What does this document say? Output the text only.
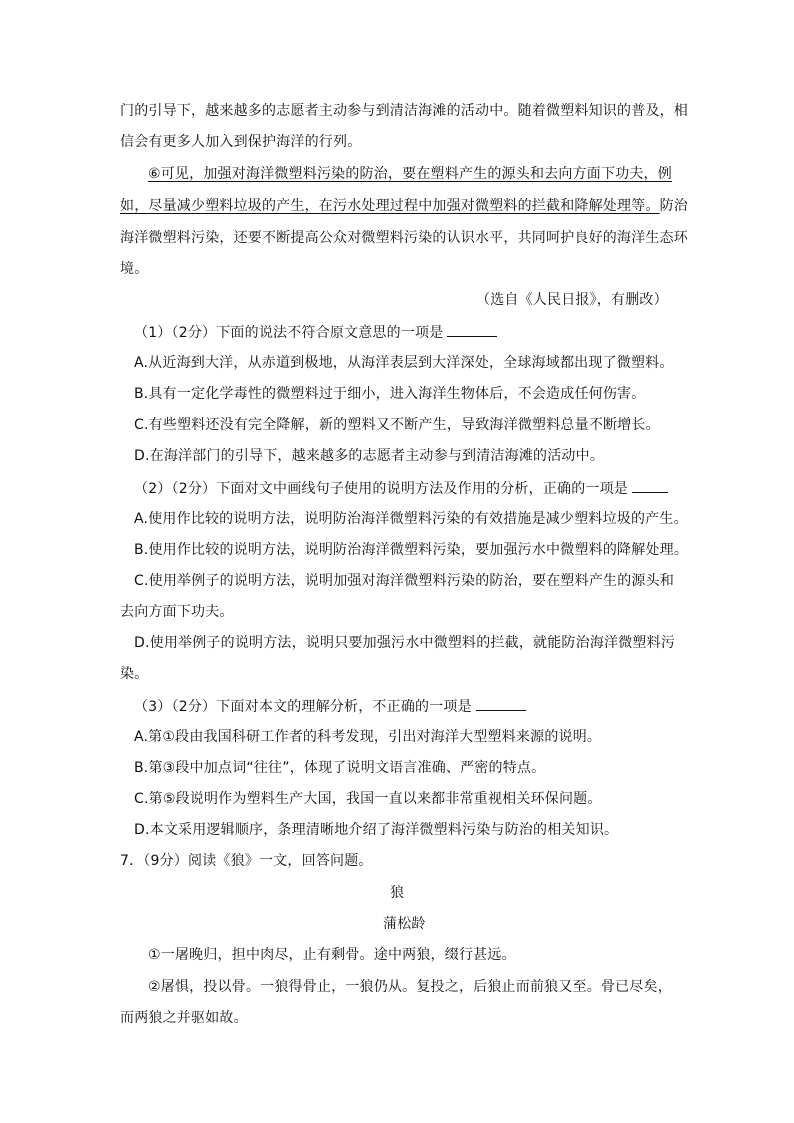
门的引导下，越来越多的志愿者主动参与到清洁海滩的活动中。随着微塑料知识的普及，相

信会有更多人加入到保护海洋的行列。

⑥可见，加强对海洋微塑料污染的防治，要在塑料产生的源头和去向方面下功夫，例

如，尽量减少塑料垃圾的产生，在污水处理过程中加强对微塑料的拦截和降解处理等。防治

海洋微塑料污染，还要不断提高公众对微塑料污染的认识水平，共同呵护良好的海洋生态环

境。

（选自《人民日报》，有删改）

（1）（2分）下面的说法不符合原文意思的一项是

A.从近海到大洋，从赤道到极地，从海洋表层到大洋深处，全球海域都出现了微塑料。

B.具有一定化学毒性的微塑料过于细小，进入海洋生物体后，不会造成任何伤害。

C.有些塑料还没有完全降解，新的塑料又不断产生，导致海洋微塑料总量不断增长。

D.在海洋部门的引导下，越来越多的志愿者主动参与到清洁海滩的活动中。

（2）（2分）下面对文中画线句子使用的说明方法及作用的分析，正确的一项是

A.使用作比较的说明方法，说明防治海洋微塑料污染的有效措施是减少塑料垃圾的产生。

B.使用作比较的说明方法，说明防治海洋微塑料污染，要加强污水中微塑料的降解处理。

C.使用举例子的说明方法，说明加强对海洋微塑料污染的防治，要在塑料产生的源头和

去向方面下功夫。

D.使用举例子的说明方法，说明只要加强污水中微塑料的拦截，就能防治海洋微塑料污

染。

（3）（2分）下面对本文的理解分析，不正确的一项是

A.第①段由我国科研工作者的科考发现，引出对海洋大型塑料来源的说明。

B.第③段中加点词“往往”，体现了说明文语言准确、严密的特点。

C.第⑤段说明作为塑料生产大国，我国一直以来都非常重视相关环保问题。

D.本文采用逻辑顺序，条理清晰地介绍了海洋微塑料污染与防治的相关知识。

7．（9分）阅读《狼》一文，回答问题。

狼

蒲松龄

①一屠晚归，担中肉尽，止有剩骨。途中两狼，缀行甚远。

②屠惧，投以骨。一狼得骨止，一狼仍从。复投之，后狼止而前狼又至。骨已尽矣，

而两狼之并驱如故。
